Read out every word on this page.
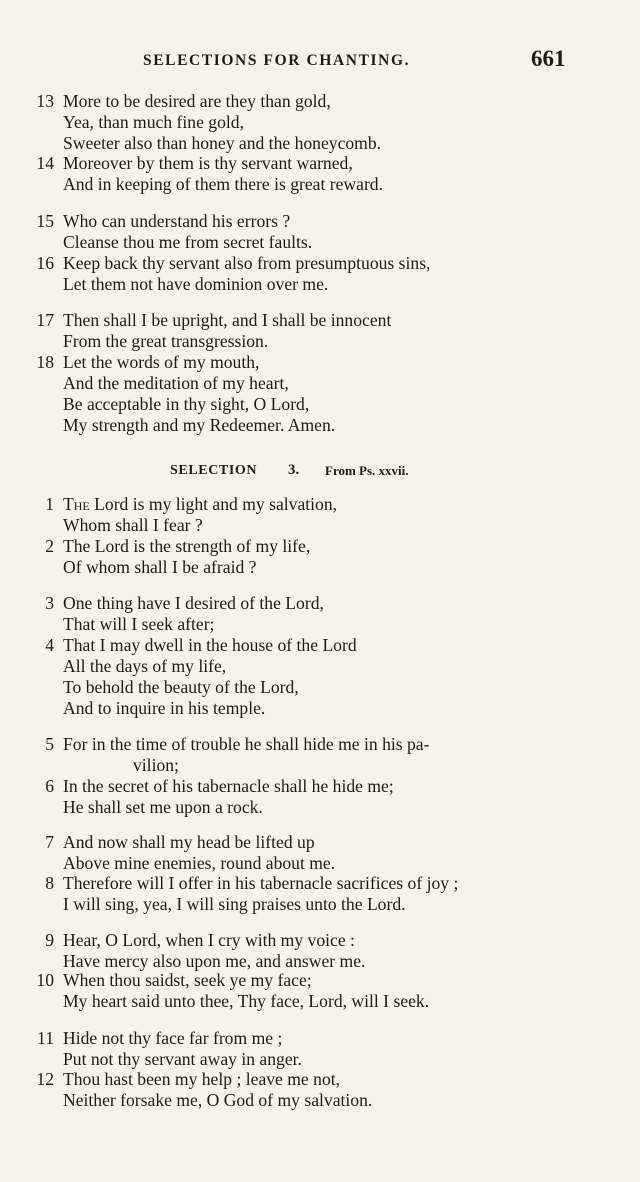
SELECTIONS FOR CHANTING.	661
13 More to be desired are they than gold,
Yea, than much fine gold,
Sweeter also than honey and the honeycomb.
14 Moreover by them is thy servant warned,
And in keeping of them there is great reward.
15 Who can understand his errors ?
Cleanse thou me from secret faults.
16 Keep back thy servant also from presumptuous sins,
Let them not have dominion over me.
17 Then shall I be upright, and I shall be innocent
From the great transgression.
18 Let the words of my mouth,
And the meditation of my heart,
Be acceptable in thy sight, O Lord,
My strength and my Redeemer. Amen.
SELECTION 3. From Ps. xxvii.
1 The Lord is my light and my salvation,
Whom shall I fear ?
2 The Lord is the strength of my life,
Of whom shall I be afraid ?
3 One thing have I desired of the Lord,
That will I seek after;
4 That I may dwell in the house of the Lord
All the days of my life,
To behold the beauty of the Lord,
And to inquire in his temple.
5 For in the time of trouble he shall hide me in his pa-
vilion;
6 In the secret of his tabernacle shall he hide me;
He shall set me upon a rock.
7 And now shall my head be lifted up
Above mine enemies, round about me.
8 Therefore will I offer in his tabernacle sacrifices of joy ;
I will sing, yea, I will sing praises unto the Lord.
9 Hear, O Lord, when I cry with my voice :
Have mercy also upon me, and answer me.
10 When thou saidst, seek ye my face;
My heart said unto thee, Thy face, Lord, will I seek.
11 Hide not thy face far from me ;
Put not thy servant away in anger.
12 Thou hast been my help ; leave me not,
Neither forsake me, O God of my salvation.
